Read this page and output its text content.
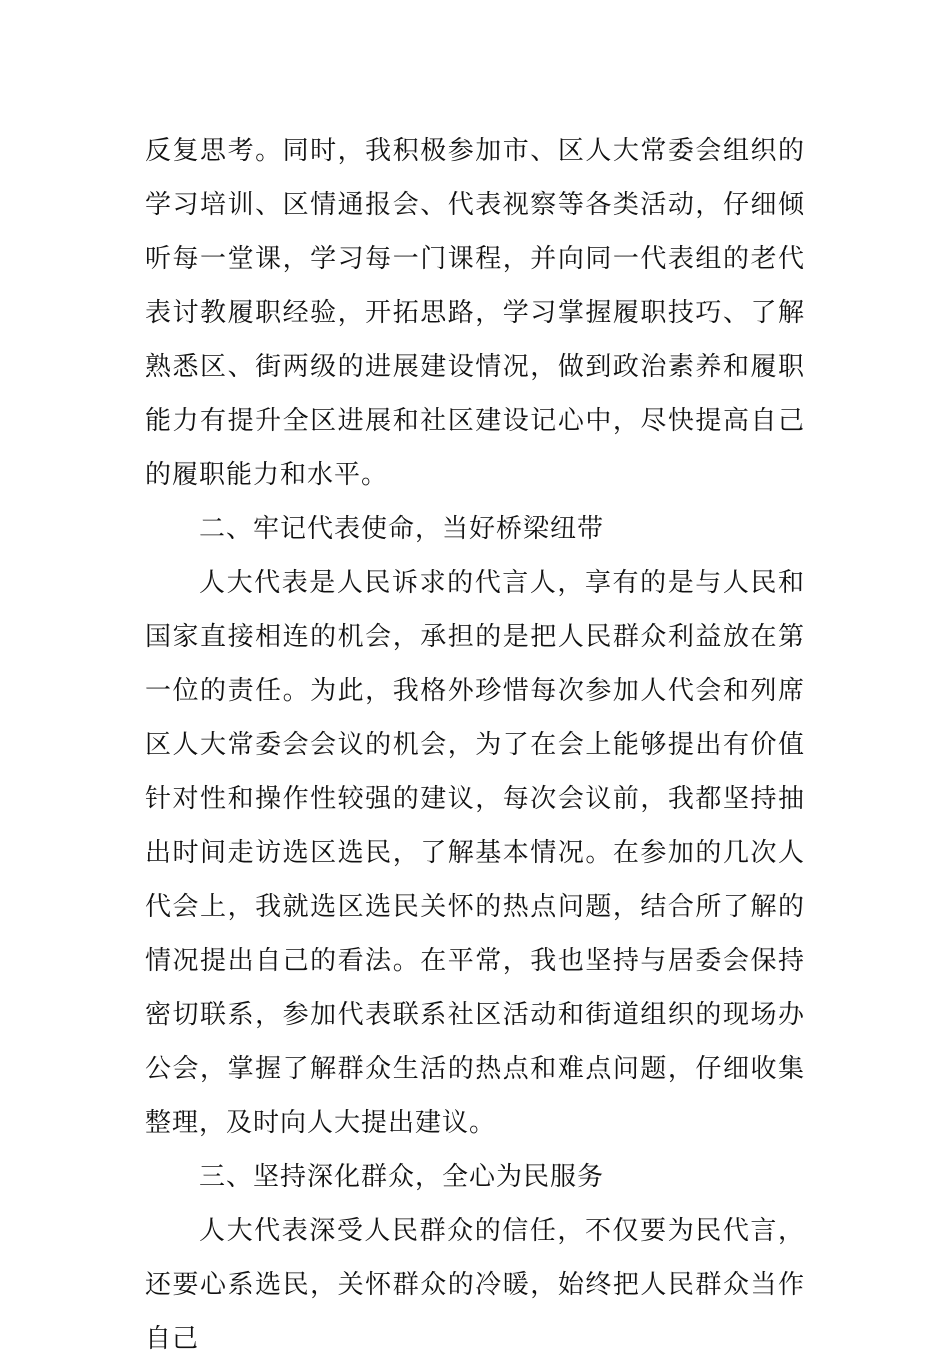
反复思考。同时，我积极参加市、区人大常委会组织的学习培训、区情通报会、代表视察等各类活动，仔细倾听每一堂课，学习每一门课程，并向同一代表组的老代表讨教履职经验，开拓思路，学习掌握履职技巧、了解熟悉区、街两级的进展建设情况，做到政治素养和履职能力有提升全区进展和社区建设记心中，尽快提高自己的履职能力和水平。

二、牢记代表使命，当好桥梁纽带

人大代表是人民诉求的代言人，享有的是与人民和国家直接相连的机会，承担的是把人民群众利益放在第一位的责任。为此，我格外珍惜每次参加人代会和列席区人大常委会会议的机会，为了在会上能够提出有价值针对性和操作性较强的建议，每次会议前，我都坚持抽出时间走访选区选民，了解基本情况。在参加的几次人代会上，我就选区选民关怀的热点问题，结合所了解的情况提出自己的看法。在平常，我也坚持与居委会保持密切联系，参加代表联系社区活动和街道组织的现场办公会，掌握了解群众生活的热点和难点问题，仔细收集整理，及时向人大提出建议。

三、坚持深化群众，全心为民服务

人大代表深受人民群众的信任，不仅要为民代言，还要心系选民，关怀群众的冷暖，始终把人民群众当作自己
